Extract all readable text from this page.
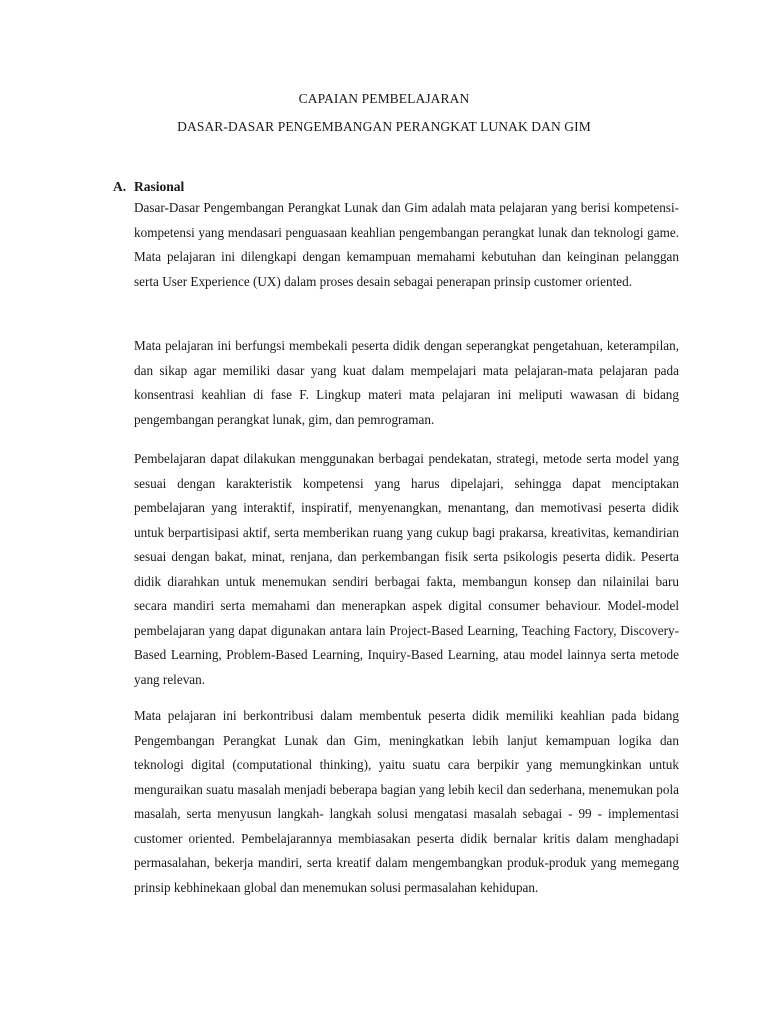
CAPAIAN PEMBELAJARAN
DASAR-DASAR PENGEMBANGAN PERANGKAT LUNAK DAN GIM
A. Rasional

Dasar-Dasar Pengembangan Perangkat Lunak dan Gim adalah mata pelajaran yang berisi kompetensi-kompetensi yang mendasari penguasaan keahlian pengembangan perangkat lunak dan teknologi game. Mata pelajaran ini dilengkapi dengan kemampuan memahami kebutuhan dan keinginan pelanggan serta User Experience (UX) dalam proses desain sebagai penerapan prinsip customer oriented.

Mata pelajaran ini berfungsi membekali peserta didik dengan seperangkat pengetahuan, keterampilan, dan sikap agar memiliki dasar yang kuat dalam mempelajari mata pelajaran-mata pelajaran pada konsentrasi keahlian di fase F. Lingkup materi mata pelajaran ini meliputi wawasan di bidang pengembangan perangkat lunak, gim, dan pemrograman.

Pembelajaran dapat dilakukan menggunakan berbagai pendekatan, strategi, metode serta model yang sesuai dengan karakteristik kompetensi yang harus dipelajari, sehingga dapat menciptakan pembelajaran yang interaktif, inspiratif, menyenangkan, menantang, dan memotivasi peserta didik untuk berpartisipasi aktif, serta memberikan ruang yang cukup bagi prakarsa, kreativitas, kemandirian sesuai dengan bakat, minat, renjana, dan perkembangan fisik serta psikologis peserta didik. Peserta didik diarahkan untuk menemukan sendiri berbagai fakta, membangun konsep dan nilainilai baru secara mandiri serta memahami dan menerapkan aspek digital consumer behaviour. Model-model pembelajaran yang dapat digunakan antara lain Project-Based Learning, Teaching Factory, Discovery-Based Learning, Problem-Based Learning, Inquiry-Based Learning, atau model lainnya serta metode yang relevan.

Mata pelajaran ini berkontribusi dalam membentuk peserta didik memiliki keahlian pada bidang Pengembangan Perangkat Lunak dan Gim, meningkatkan lebih lanjut kemampuan logika dan teknologi digital (computational thinking), yaitu suatu cara berpikir yang memungkinkan untuk menguraikan suatu masalah menjadi beberapa bagian yang lebih kecil dan sederhana, menemukan pola masalah, serta menyusun langkah- langkah solusi mengatasi masalah sebagai - 99 - implementasi customer oriented. Pembelajarannya membiasakan peserta didik bernalar kritis dalam menghadapi permasalahan, bekerja mandiri, serta kreatif dalam mengembangkan produk-produk yang memegang prinsip kebhinekaan global dan menemukan solusi permasalahan kehidupan.
